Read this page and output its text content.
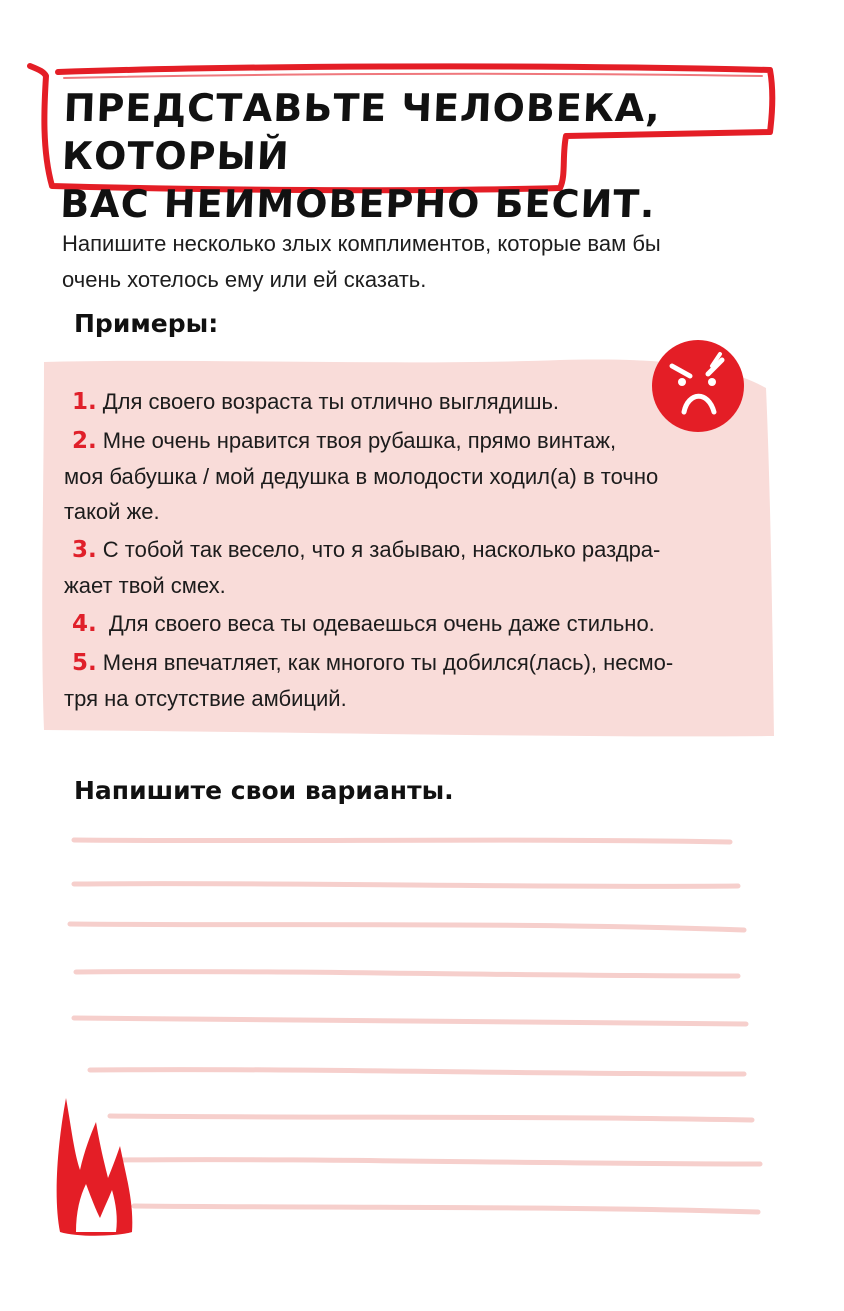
ПРЕДСТАВЬТЕ ЧЕЛОВЕКА, КОТОРЫЙ
ВАС НЕИМОВЕРНО БЕСИТ.

Напишите несколько злых комплиментов, которые вам бы
очень хотелось ему или ей сказать.

Примеры:
1. Для своего возраста ты отлично выглядишь.
2. Мне очень нравится твоя рубашка, прямо винтаж,
моя бабушка / мой дедушка в молодости ходил(а) в точно
такой же.
3. С тобой так весело, что я забываю, насколько раздра-
жает твой смех.
4. Для своего веса ты одеваешься очень даже стильно.
5. Меня впечатляет, как многого ты добился(лась), несмо-
тря на отсутствие амбиций.
Напишите свои варианты.
